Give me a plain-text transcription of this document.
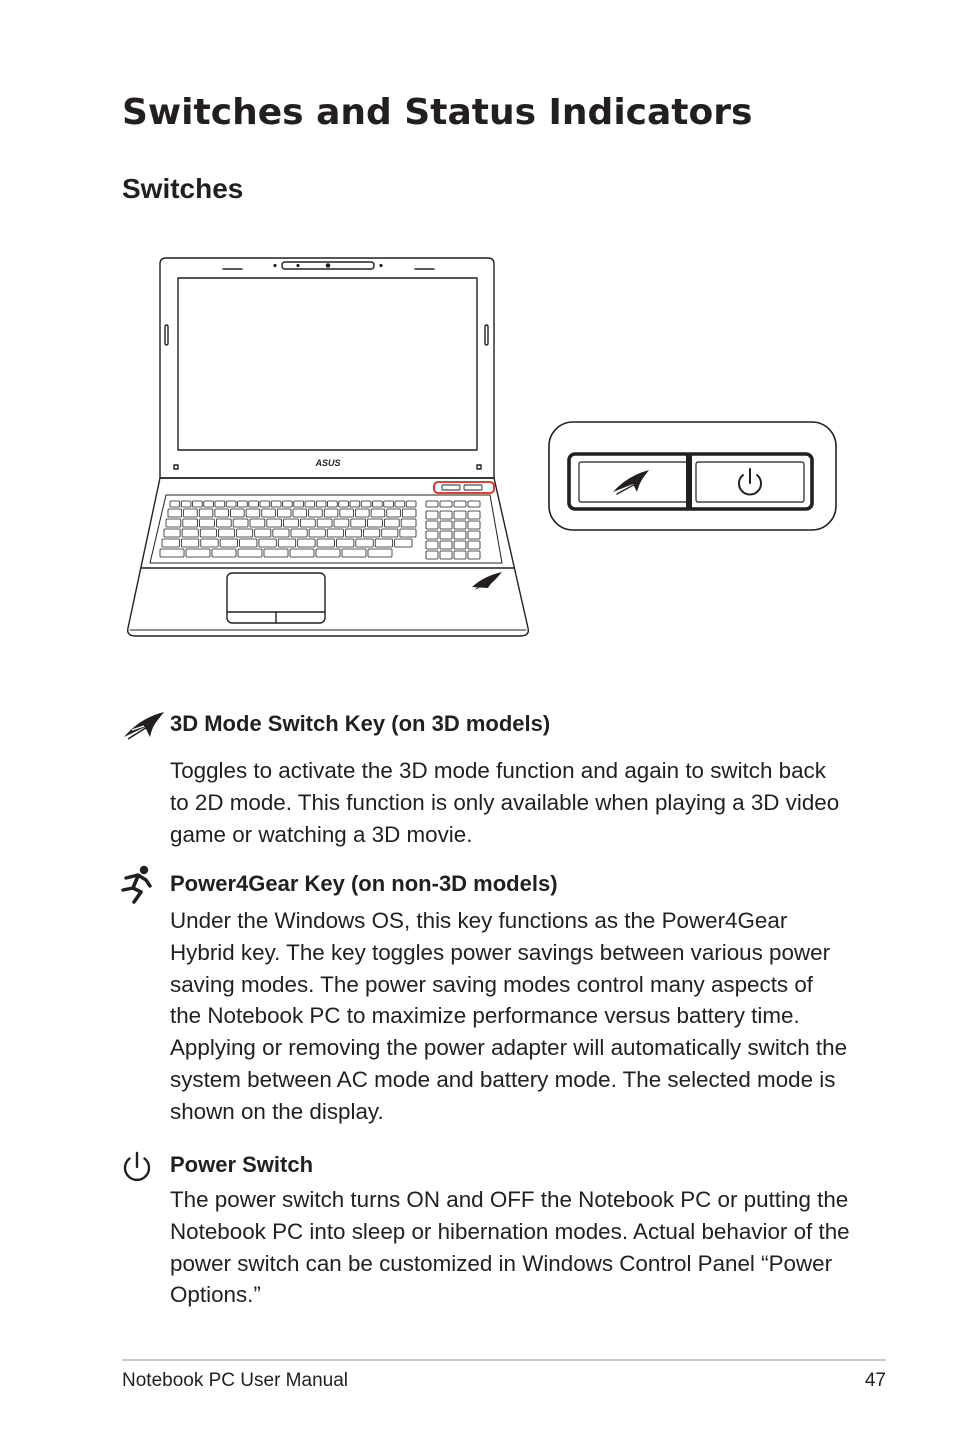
Switches and Status Indicators
Switches
ASUS

3D Mode Switch Key (on 3D models)

Toggles to activate the 3D mode function and again to switch back to 2D mode. This function is only available when playing a 3D video game or watching a 3D movie.

Power4Gear Key (on non-3D models)

Under the Windows OS, this key functions as the Power4Gear Hybrid key. The key toggles power savings between various power saving modes. The power saving modes control many aspects of the Notebook PC to maximize performance versus battery time. Applying or removing the power adapter will automatically switch the system between AC mode and battery mode. The selected mode is shown on the display.

Power Switch

The power switch turns ON and OFF the Notebook PC or putting the Notebook PC into sleep or hibernation modes. Actual behavior of the power switch can be customized in Windows Control Panel “Power Options.”

Notebook PC User Manual	47
